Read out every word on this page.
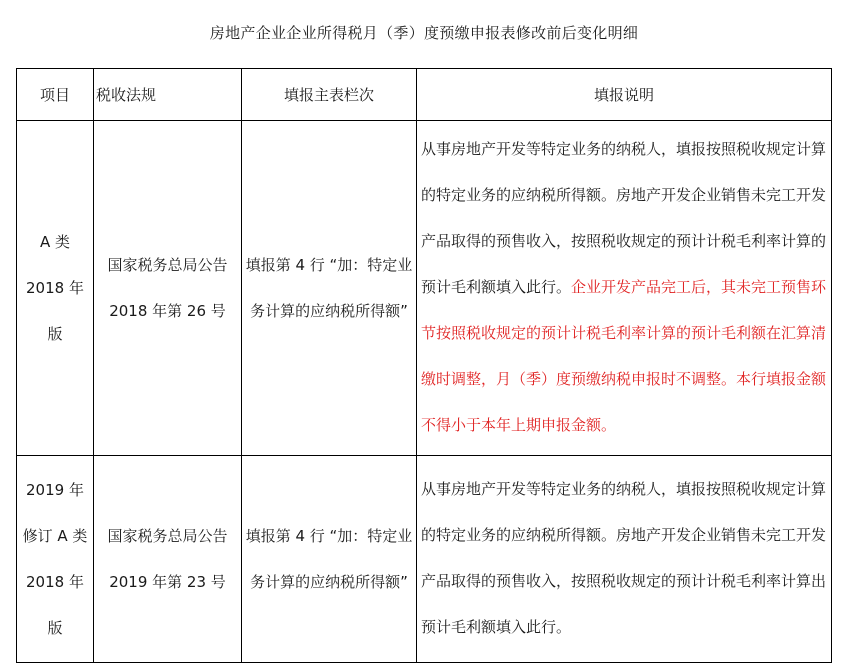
房地产企业企业所得税月（季）度预缴申报表修改前后变化明细
项目	税收法规	填报主表栏次	填报说明
A 类 2018 年版	国家税务总局公告 2018 年第 26 号	填报第 4 行 “加：特定业务计算的应纳税所得额”	从事房地产开发等特定业务的纳税人，填报按照税收规定计算的特定业务的应纳税所得额。房地产开发企业销售未完工开发产品取得的预售收入，按照税收规定的预计计税毛利率计算的预计毛利额填入此行。企业开发产品完工后，其未完工预售环节按照税收规定的预计计税毛利率计算的预计毛利额在汇算清缴时调整，月（季）度预缴纳税申报时不调整。本行填报金额不得小于本年上期申报金额。
2019 年修订 A 类 2018 年版	国家税务总局公告 2019 年第 23 号	填报第 4 行 “加：特定业务计算的应纳税所得额”	从事房地产开发等特定业务的纳税人，填报按照税收规定计算的特定业务的应纳税所得额。房地产开发企业销售未完工开发产品取得的预售收入，按照税收规定的预计计税毛利率计算出预计毛利额填入此行。
